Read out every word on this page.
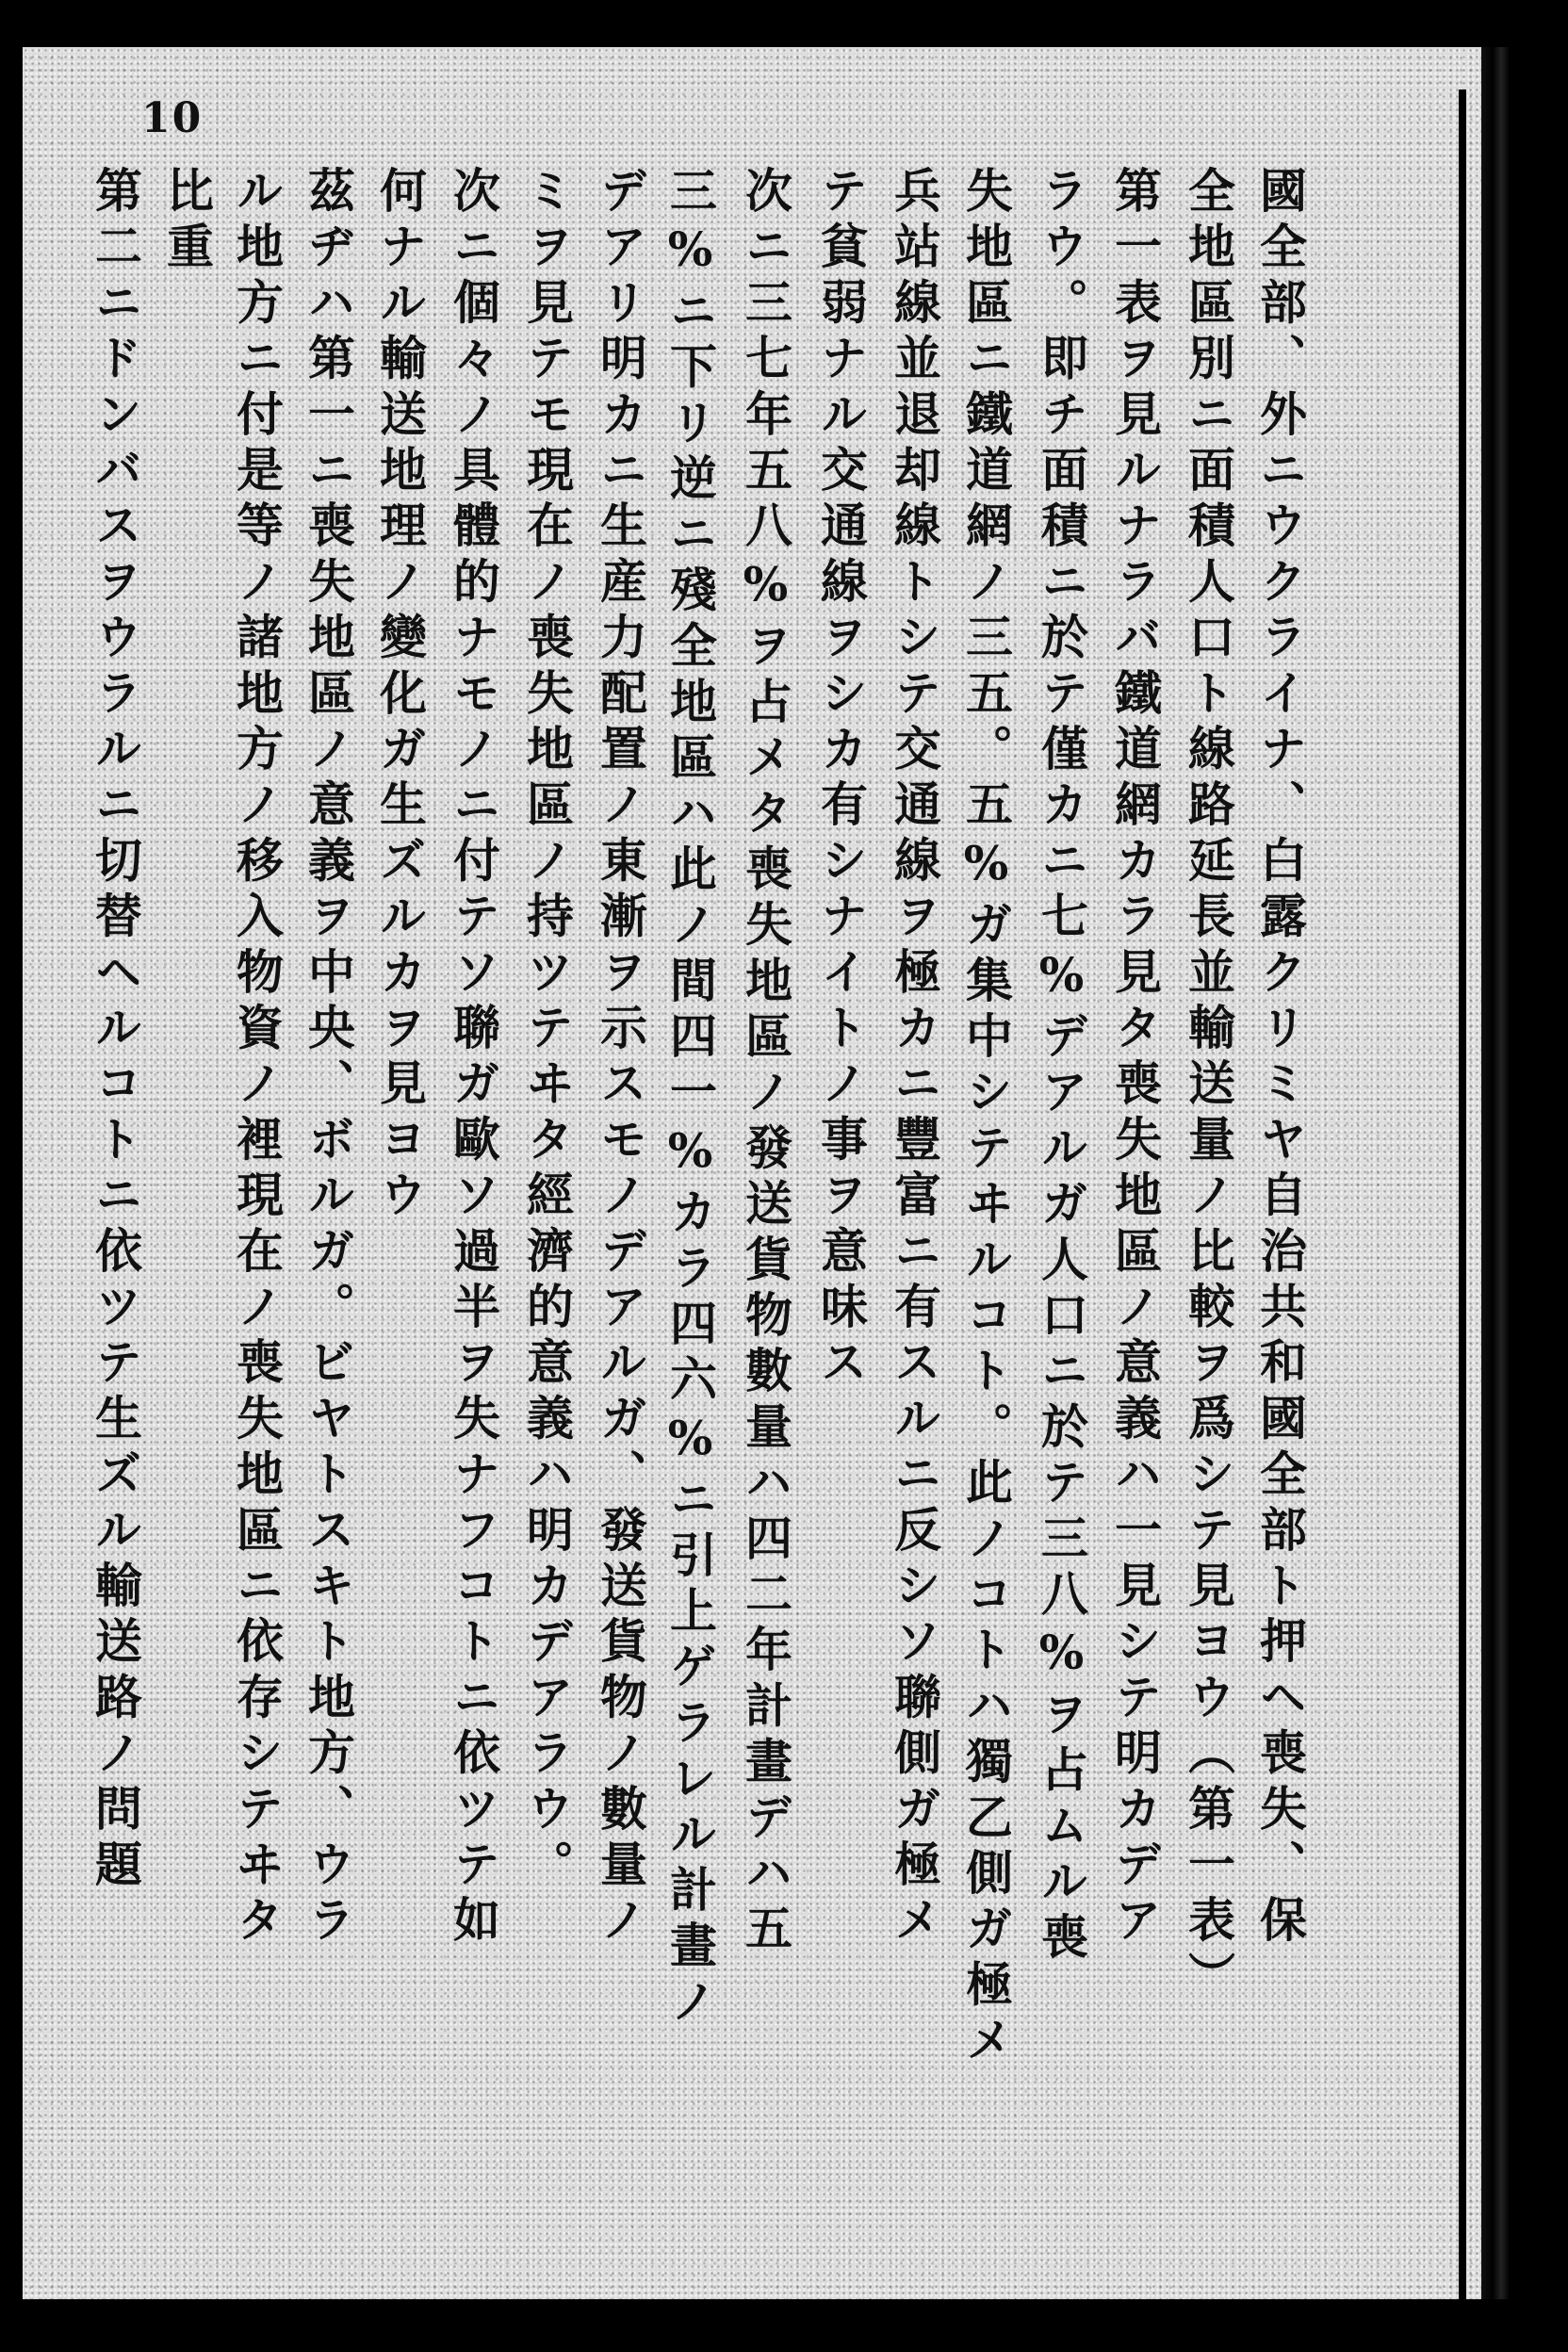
10
國全部、外ニウクライナ、白露クリミヤ自治共和國全部ト押ヘ喪失、保
全地區別ニ面積人口ト線路延長並輸送量ノ比較ヲ爲シテ見ヨウ（第一表）
第一表ヲ見ルナラバ鐵道網カラ見タ喪失地區ノ意義ハ一見シテ明カデア
ラウ。即チ面積ニ於テ僅カニ七%デアルガ人口ニ於テ三八%ヲ占ムル喪
失地區ニ鐵道網ノ三五。五%ガ集中シテヰルコト。此ノコトハ獨乙側ガ極メ
兵站線並退却線トシテ交通線ヲ極カニ豐富ニ有スルニ反シソ聯側ガ極メ
テ貧弱ナル交通線ヲシカ有シナイトノ事ヲ意味ス
次ニ三七年五八%ヲ占メタ喪失地區ノ發送貨物數量ハ四二年計畫デハ五
三%ニ下リ逆ニ殘全地區ハ此ノ間四一%カラ四六%ニ引上ゲラレル計畫ノ
デアリ明カニ生産力配置ノ東漸ヲ示スモノデアルガ、發送貨物ノ數量ノ
ミヲ見テモ現在ノ喪失地區ノ持ツテヰタ經濟的意義ハ明カデアラウ。
次ニ個々ノ具體的ナモノニ付テソ聯ガ歐ソ過半ヲ失ナフコトニ依ツテ如
何ナル輸送地理ノ變化ガ生ズルカヲ見ヨウ
茲ヂハ第一ニ喪失地區ノ意義ヲ中央、ボルガ。ビヤトスキト地方、ウラ
ル地方ニ付是等ノ諸地方ノ移入物資ノ裡現在ノ喪失地區ニ依存シテヰタ
比重
第二ニドンバスヲウラルニ切替ヘルコトニ依ツテ生ズル輸送路ノ問題
